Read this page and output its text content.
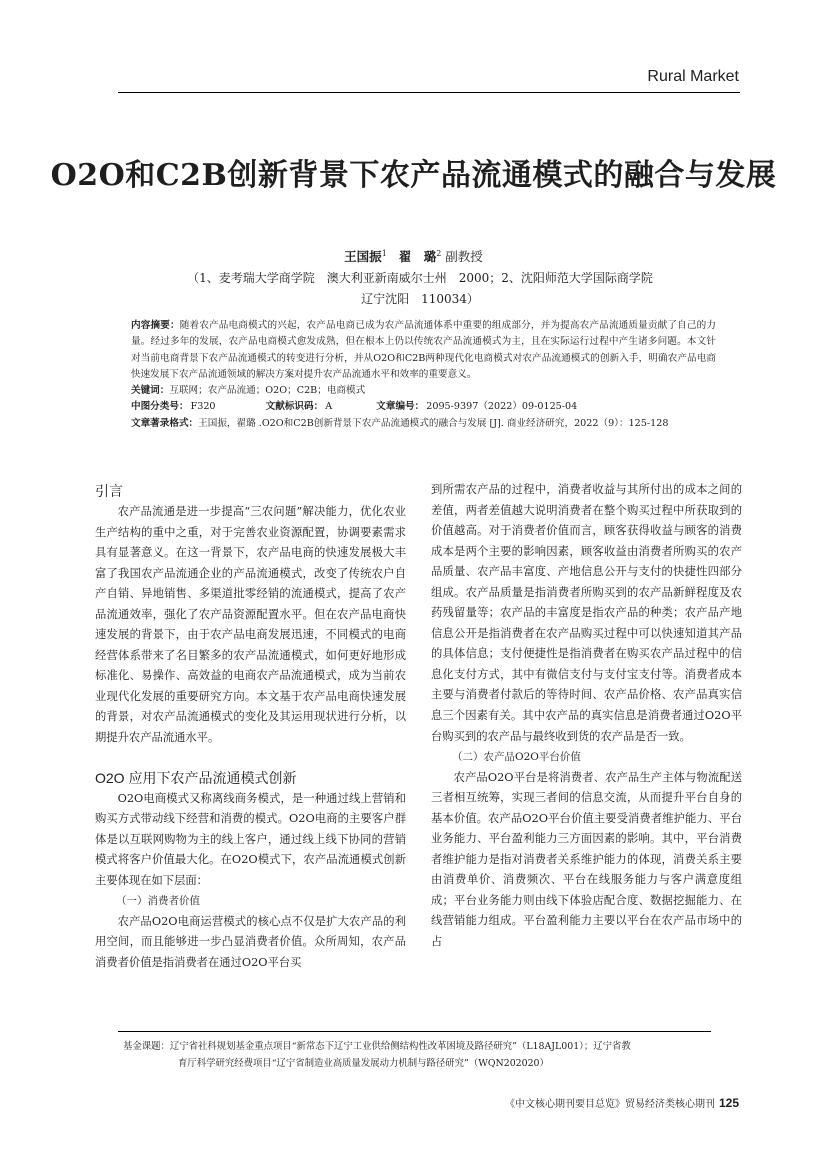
Rural Market
O2O和C2B创新背景下农产品流通模式的融合与发展
王国振$^1$ 翟　璐$^2$ 副教授
（1、麦考瑞大学商学院　澳大利亚新南威尔士州　2000；2、沈阳师范大学国际商学院
辽宁沈阳　110034）

内容摘要：随着农产品电商模式的兴起，农产品电商已成为农产品流通体系中重要的组成部分，并为提高农产品流通质量贡献了自己的力量。经过多年的发展，农产品电商模式愈发成熟，但在根本上仍以传统农产品流通模式为主，且在实际运行过程中产生诸多问题。本文针对当前电商背景下农产品流通模式的转变进行分析，并从O2O和C2B两种现代化电商模式对农产品流通模式的创新入手，明确农产品电商快速发展下农产品流通领域的解决方案对提升农产品流通水平和效率的重要意义。

关键词：互联网；农产品流通；O2O；C2B；电商模式

中图分类号： F320	文献标识码： A	文章编号： 2095-9397（2022）09-0125-04

文章著录格式：王国振，翟璐 .O2O和C2B创新背景下农产品流通模式的融合与发展 [J]. 商业经济研究，2022（9）：125-128

引言

农产品流通是进一步提高“三农问题”解决能力，优化农业生产结构的重中之重，对于完善农业资源配置，协调要素需求具有显著意义。在这一背景下，农产品电商的快速发展极大丰富了我国农产品流通企业的产品流通模式，改变了传统农户自产自销、异地销售、多渠道批零经销的流通模式，提高了农产品流通效率，强化了农产品资源配置水平。但在农产品电商快速发展的背景下，由于农产品电商发展迅速，不同模式的电商经营体系带来了名目繁多的农产品流通模式，如何更好地形成标准化、易操作、高效益的电商农产品流通模式，成为当前农业现代化发展的重要研究方向。本文基于农产品电商快速发展的背景，对农产品流通模式的变化及其运用现状进行分析，以期提升农产品流通水平。

O2O 应用下农产品流通模式创新

O2O电商模式又称离线商务模式，是一种通过线上营销和购买方式带动线下经营和消费的模式。O2O电商的主要客户群体是以互联网购物为主的线上客户，通过线上线下协同的营销模式将客户价值最大化。在O2O模式下，农产品流通模式创新主要体现在如下层面：

（一）消费者价值

农产品O2O电商运营模式的核心点不仅是扩大农产品的利用空间，而且能够进一步凸显消费者价值。众所周知，农产品消费者价值是指消费者在通过O2O平台买

到所需农产品的过程中，消费者收益与其所付出的成本之间的差值，两者差值越大说明消费者在整个购买过程中所获取到的价值越高。对于消费者价值而言，顾客获得收益与顾客的消费成本是两个主要的影响因素，顾客收益由消费者所购买的农产品质量、农产品丰富度、产地信息公开与支付的快捷性四部分组成。农产品质量是指消费者所购买到的农产品新鲜程度及农药残留量等；农产品的丰富度是指农产品的种类；农产品产地信息公开是指消费者在农产品购买过程中可以快速知道其产品的具体信息；支付便捷性是指消费者在购买农产品过程中的信息化支付方式，其中有微信支付与支付宝支付等。消费者成本主要与消费者付款后的等待时间、农产品价格、农产品真实信息三个因素有关。其中农产品的真实信息是消费者通过O2O平台购买到的农产品与最终收到货的农产品是否一致。

（二）农产品O2O平台价值

农产品O2O平台是将消费者、农产品生产主体与物流配送三者相互统筹，实现三者间的信息交流，从而提升平台自身的基本价值。农产品O2O平台价值主要受消费者维护能力、平台业务能力、平台盈利能力三方面因素的影响。其中，平台消费者维护能力是指对消费者关系维护能力的体现，消费关系主要由消费单价、消费频次、平台在线服务能力与客户满意度组成；平台业务能力则由线下体验店配合度、数据挖掘能力、在线营销能力组成。平台盈利能力主要以平台在农产品市场中的占

基金课题：辽宁省社科规划基金重点项目“新常态下辽宁工业供给侧结构性改革困境及路径研究”（L18AJL001）；辽宁省教
育厅科学研究经费项目“辽宁省制造业高质量发展动力机制与路径研究”（WQN202020）
《中文核心期刊要目总览》贸易经济类核心期刊 125
